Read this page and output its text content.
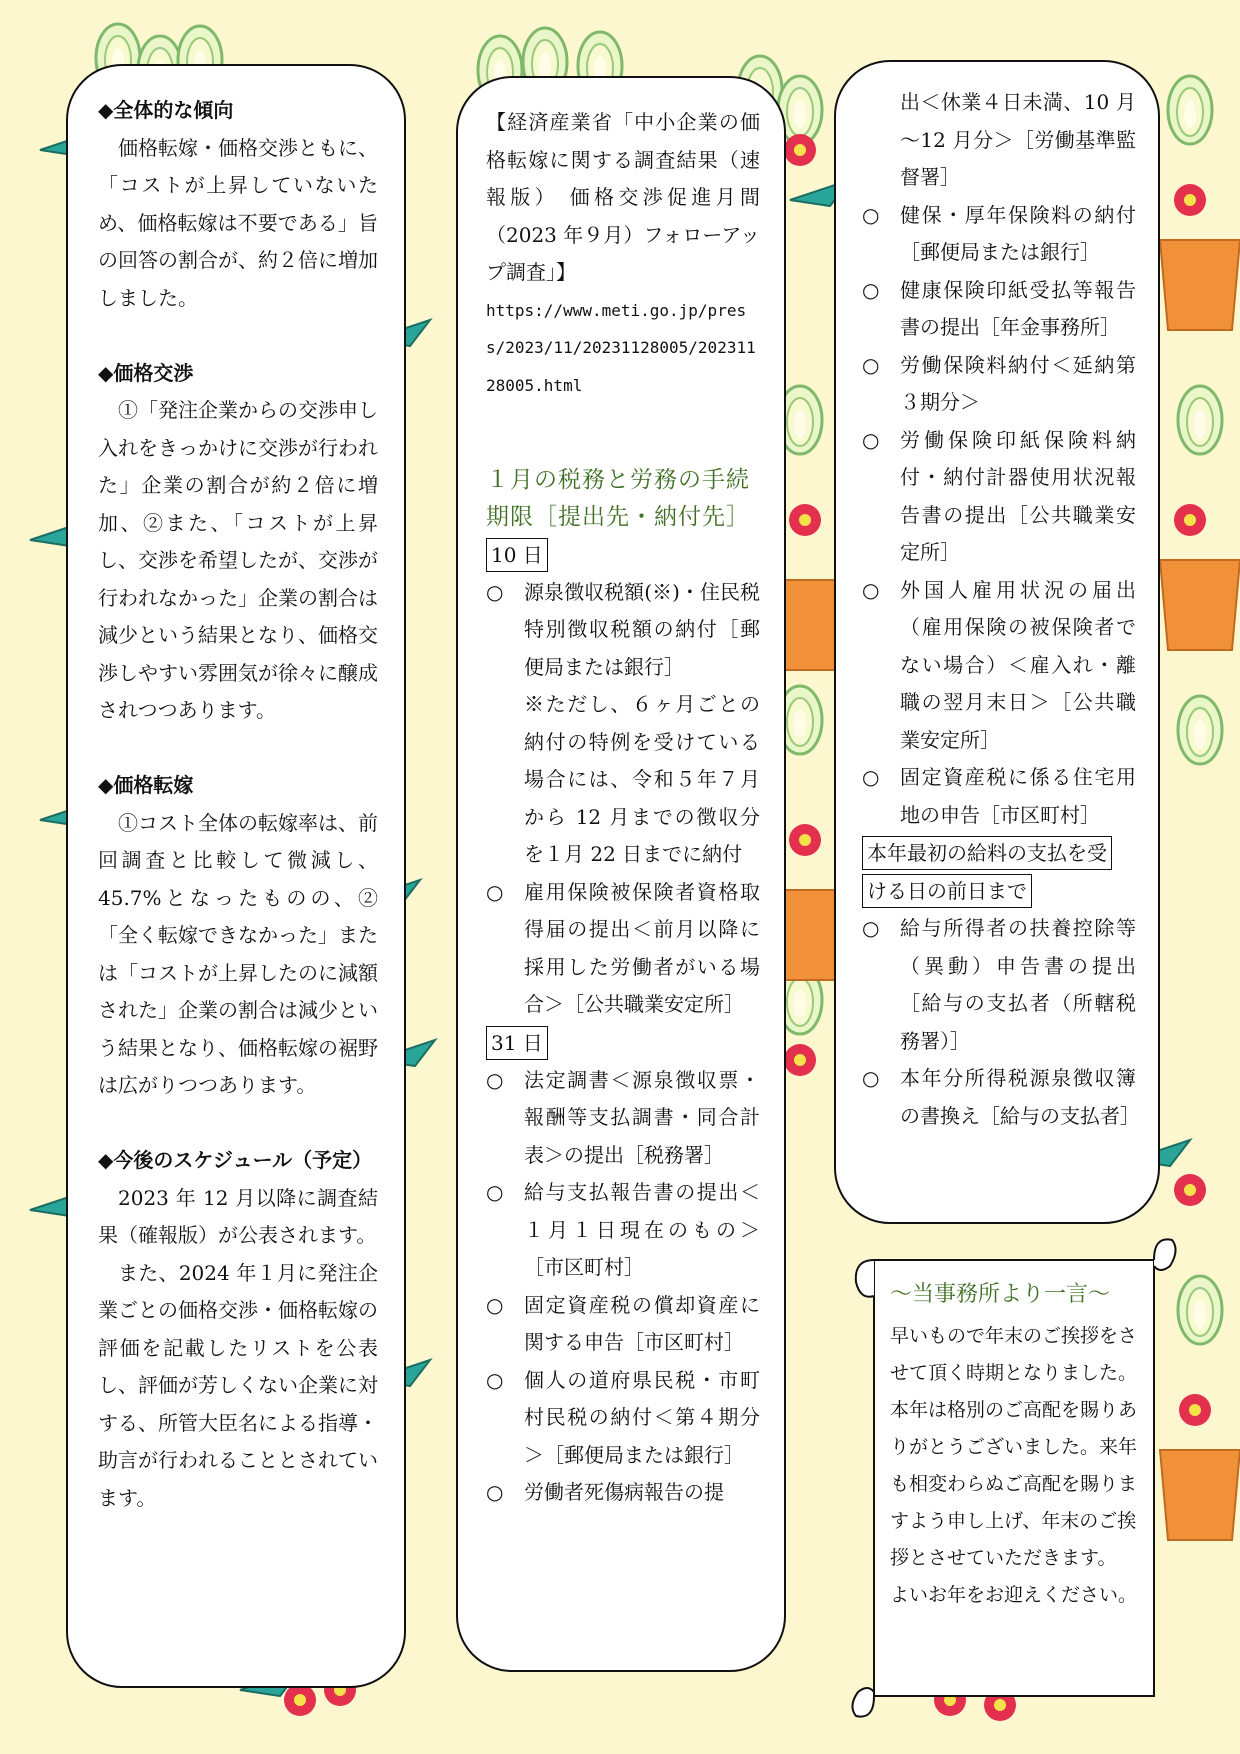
◆全体的な傾向
価格転嫁・価格交渉ともに、「コストが上昇していないため、価格転嫁は不要である」旨の回答の割合が、約２倍に増加しました。
◆価格交渉
①「発注企業からの交渉申し入れをきっかけに交渉が行われた」企業の割合が約２倍に増加、②また、「コストが上昇し、交渉を希望したが、交渉が行われなかった」企業の割合は減少という結果となり、価格交渉しやすい雰囲気が徐々に醸成されつつあります。
◆価格転嫁
①コスト全体の転嫁率は、前回調査と比較して微減し、45.7%となったものの、②「全く転嫁できなかった」または「コストが上昇したのに減額された」企業の割合は減少という結果となり、価格転嫁の裾野は広がりつつあります。
◆今後のスケジュール（予定）
2023 年 12 月以降に調査結果（確報版）が公表されます。
また、2024 年１月に発注企業ごとの価格交渉・価格転嫁の評価を記載したリストを公表し、評価が芳しくない企業に対する、所管大臣名による指導・助言が行われることとされています。
【経済産業省「中小企業の価格転嫁に関する調査結果（速報版） 価格交渉促進月間（2023 年９月）フォローアップ調査」】
https://www.meti.go.jp/press/2023/11/20231128005/20231128005.html
１月の税務と労務の手続期限［提出先・納付先］
10 日
○ 源泉徴収税額(※)・住民税特別徴収税額の納付［郵便局または銀行］
※ただし、６ヶ月ごとの納付の特例を受けている場合には、令和５年７月から 12 月までの徴収分を１月 22 日までに納付
○ 雇用保険被保険者資格取得届の提出＜前月以降に採用した労働者がいる場合＞［公共職業安定所］
31 日
○ 法定調書＜源泉徴収票・報酬等支払調書・同合計表＞の提出［税務署］
○ 給与支払報告書の提出＜１月１日現在のもの＞［市区町村］
○ 固定資産税の償却資産に関する申告［市区町村］
○ 個人の道府県民税・市町村民税の納付＜第４期分＞［郵便局または銀行］
○ 労働者死傷病報告の提
出＜休業４日未満、10 月～12 月分＞［労働基準監督署］
○ 健保・厚年保険料の納付［郵便局または銀行］
○ 健康保険印紙受払等報告書の提出［年金事務所］
○ 労働保険料納付＜延納第３期分＞
○ 労働保険印紙保険料納付・納付計器使用状況報告書の提出［公共職業安定所］
○ 外国人雇用状況の届出（雇用保険の被保険者でない場合）＜雇入れ・離職の翌月末日＞［公共職業安定所］
○ 固定資産税に係る住宅用地の申告［市区町村］
本年最初の給料の支払を受
ける日の前日まで
○ 給与所得者の扶養控除等（異動）申告書の提出［給与の支払者（所轄税務署）］
○ 本年分所得税源泉徴収簿の書換え［給与の支払者］
～当事務所より一言～
早いもので年末のご挨拶をさせて頂く時期となりました。本年は格別のご高配を賜りありがとうございました。来年も相変わらぬご高配を賜りますよう申し上げ、年末のご挨拶とさせていただきます。
よいお年をお迎えください。
